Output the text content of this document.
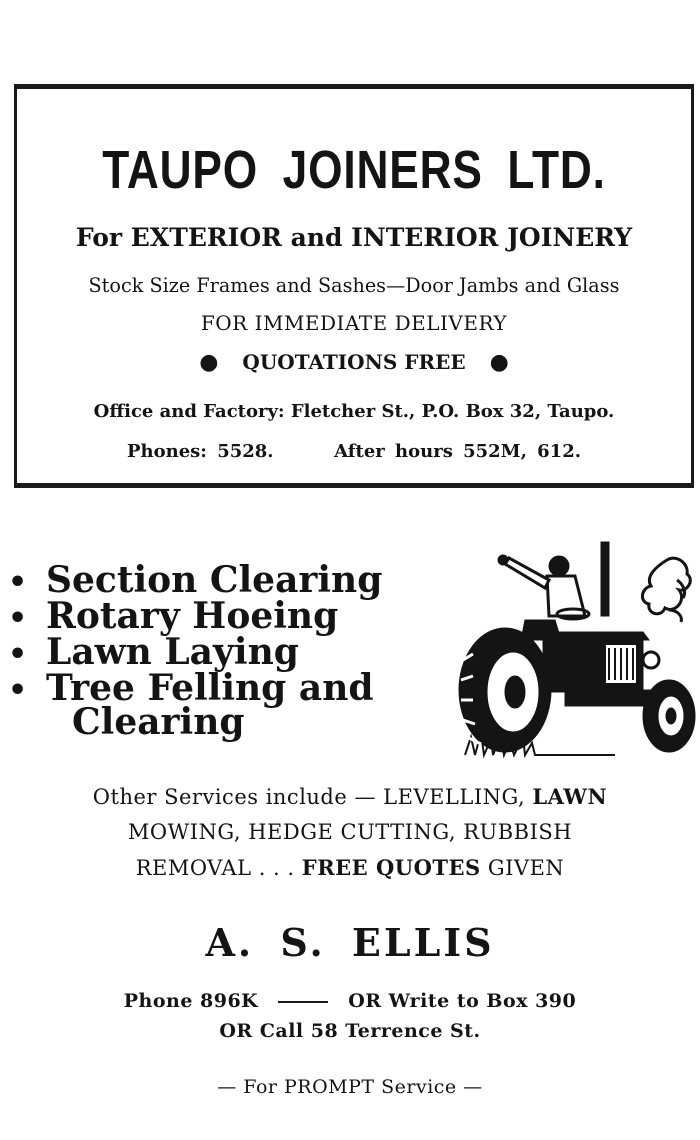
TAUPO JOINERS LTD.
For EXTERIOR and INTERIOR JOINERY
Stock Size Frames and Sashes—Door Jambs and Glass
FOR IMMEDIATE DELIVERY
● QUOTATIONS FREE ●
Office and Factory: Fletcher St., P.O. Box 32, Taupo.
Phones: 5528.	After hours 552M, 612.
• Section Clearing
• Rotary Hoeing
• Lawn Laying
• Tree Felling and
Clearing
Other Services include — LEVELLING, LAWN
MOWING, HEDGE CUTTING, RUBBISH
REMOVAL . . . FREE QUOTES GIVEN
A. S. ELLIS
Phone 896K	OR Write to Box 390
OR Call 58 Terrence St.
— For PROMPT Service —
